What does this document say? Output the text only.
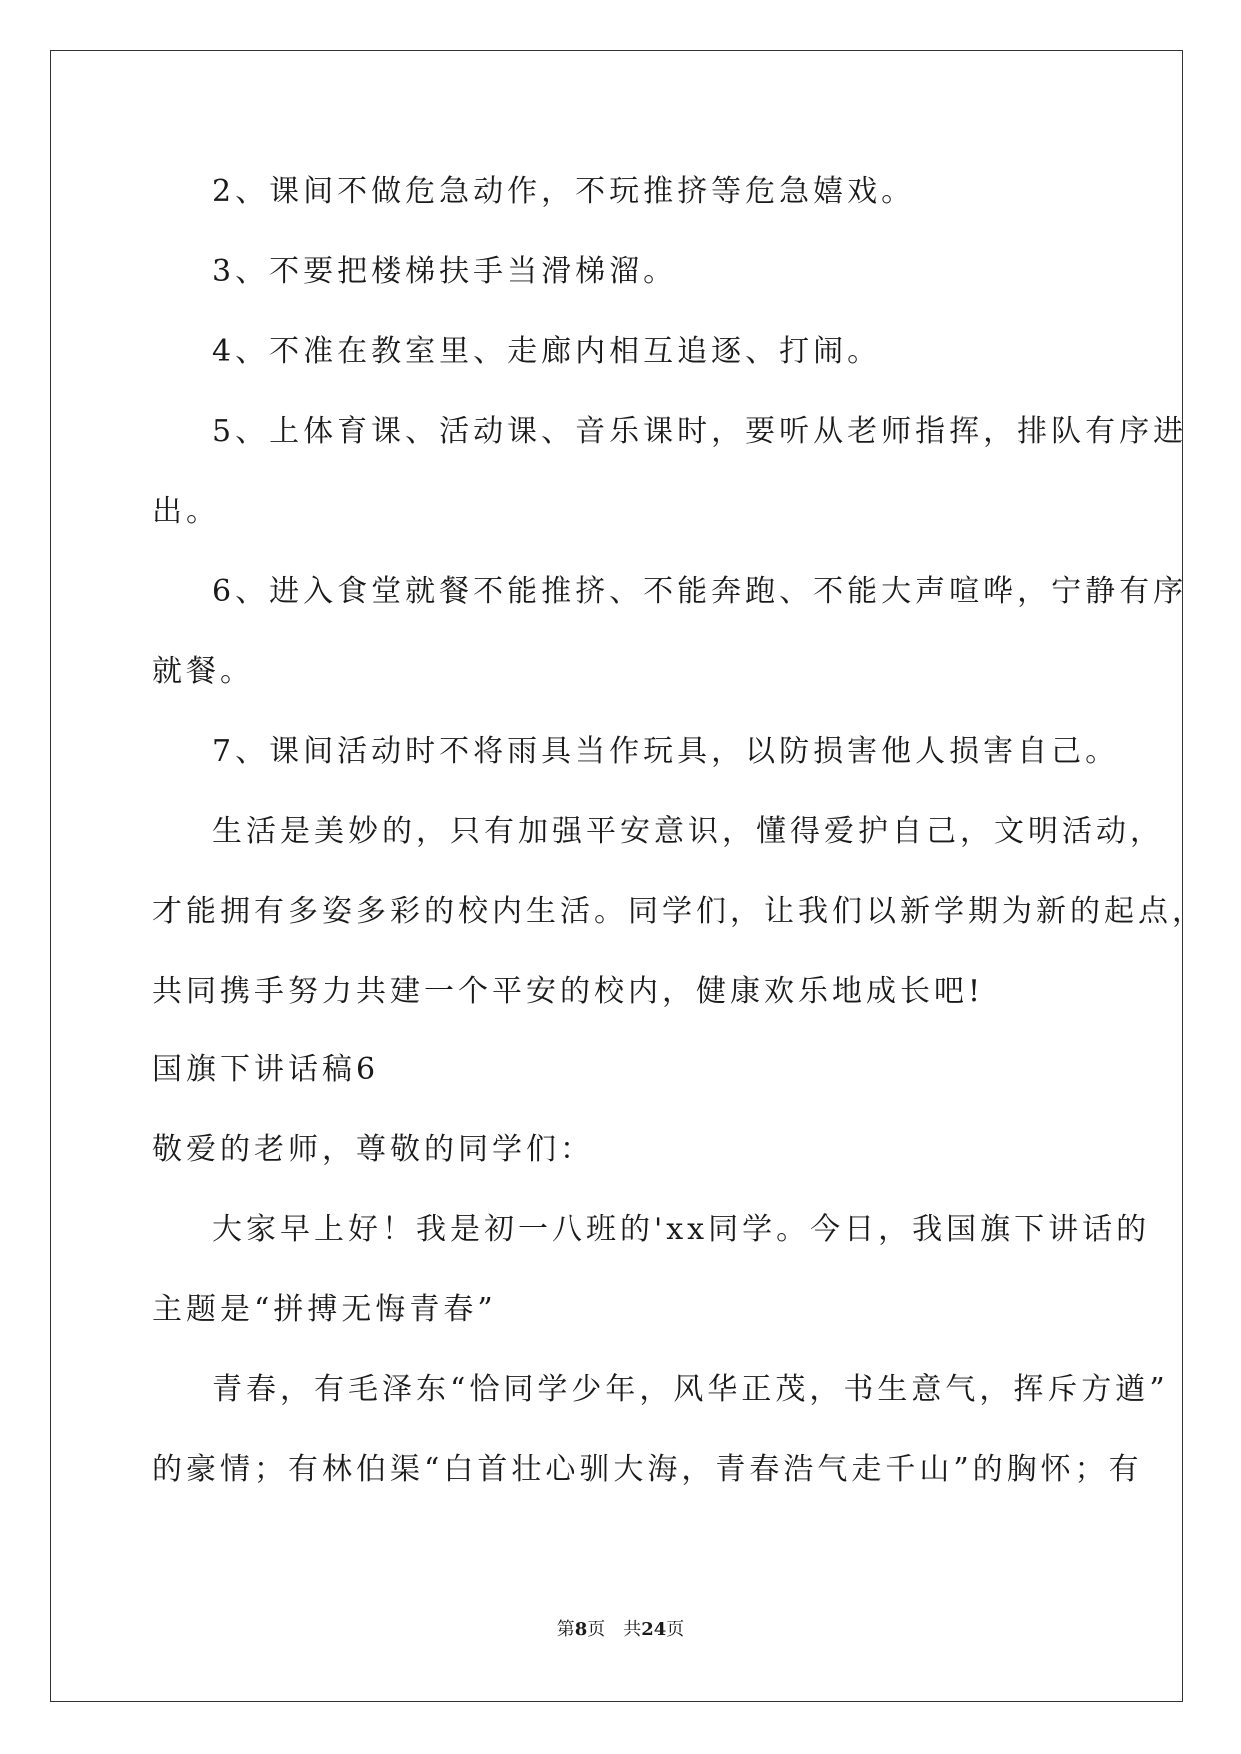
2、课间不做危急动作，不玩推挤等危急嬉戏。

3、不要把楼梯扶手当滑梯溜。

4、不准在教室里、走廊内相互追逐、打闹。

5、上体育课、活动课、音乐课时，要听从老师指挥，排队有序进

出。

6、进入食堂就餐不能推挤、不能奔跑、不能大声喧哗，宁静有序

就餐。

7、课间活动时不将雨具当作玩具，以防损害他人损害自己。

生活是美妙的，只有加强平安意识，懂得爱护自己，文明活动，

才能拥有多姿多彩的校内生活。同学们，让我们以新学期为新的起点，

共同携手努力共建一个平安的校内，健康欢乐地成长吧!

国旗下讲话稿6

敬爱的老师，尊敬的同学们：

大家早上好！我是初一八班的'xx同学。今日，我国旗下讲话的

主题是“拼搏无悔青春”

青春，有毛泽东“恰同学少年，风华正茂，书生意气，挥斥方遒”

的豪情；有林伯渠“白首壮心驯大海，青春浩气走千山”的胸怀；有

第8页 共24页
